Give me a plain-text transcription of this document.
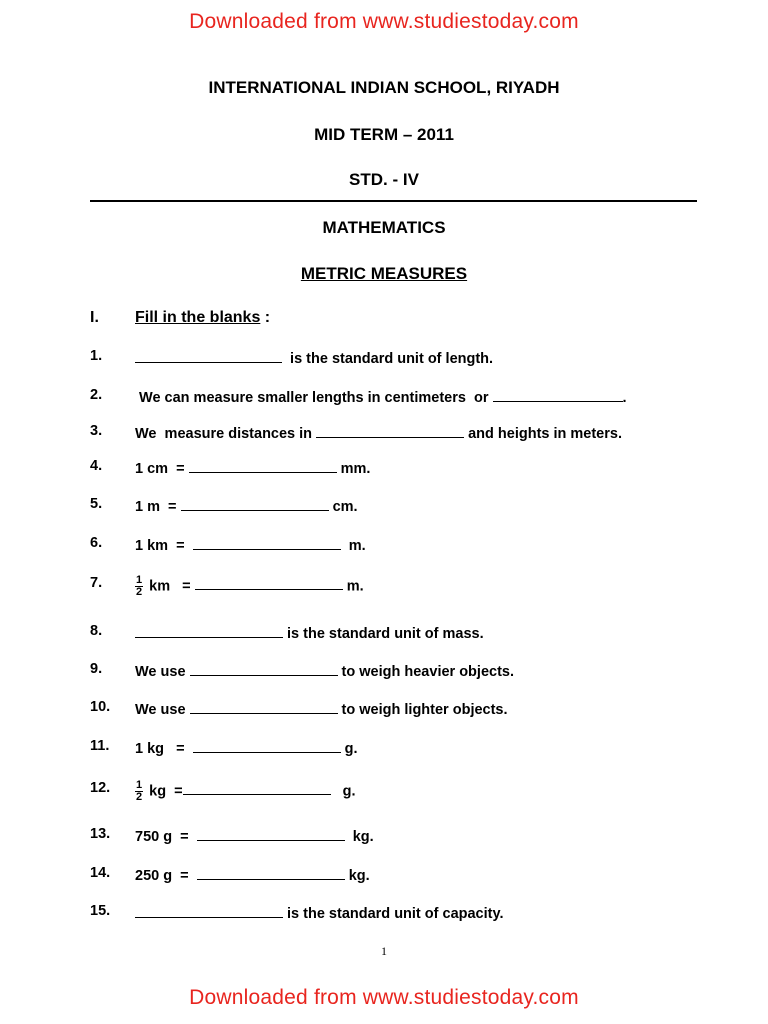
Downloaded from www.studiestoday.com
INTERNATIONAL INDIAN SCHOOL, RIYADH
MID TERM – 2011
STD. - IV
MATHEMATICS
METRIC MEASURES
I. Fill in the blanks :
1.	is the standard unit of length.
2. We can measure smaller lengths in centimeters  or	.
3. We  measure distances in	and heights in meters.
4. 1 cm  =	mm.
5. 1 m  =	cm.
6. 1 km  =	m.
7.	$\frac{1}{2}$ km   =	m.
8.	is the standard unit of mass.
9. We use	to weigh heavier objects.
10. We use	to weigh lighter objects.
11. 1 kg   =	g.
12. $\frac{1}{2}$ kg  =	g.
13. 750 g  =	kg.
14. 250 g  =	kg.
15.	is the standard unit of capacity.
1
Downloaded from www.studiestoday.com
